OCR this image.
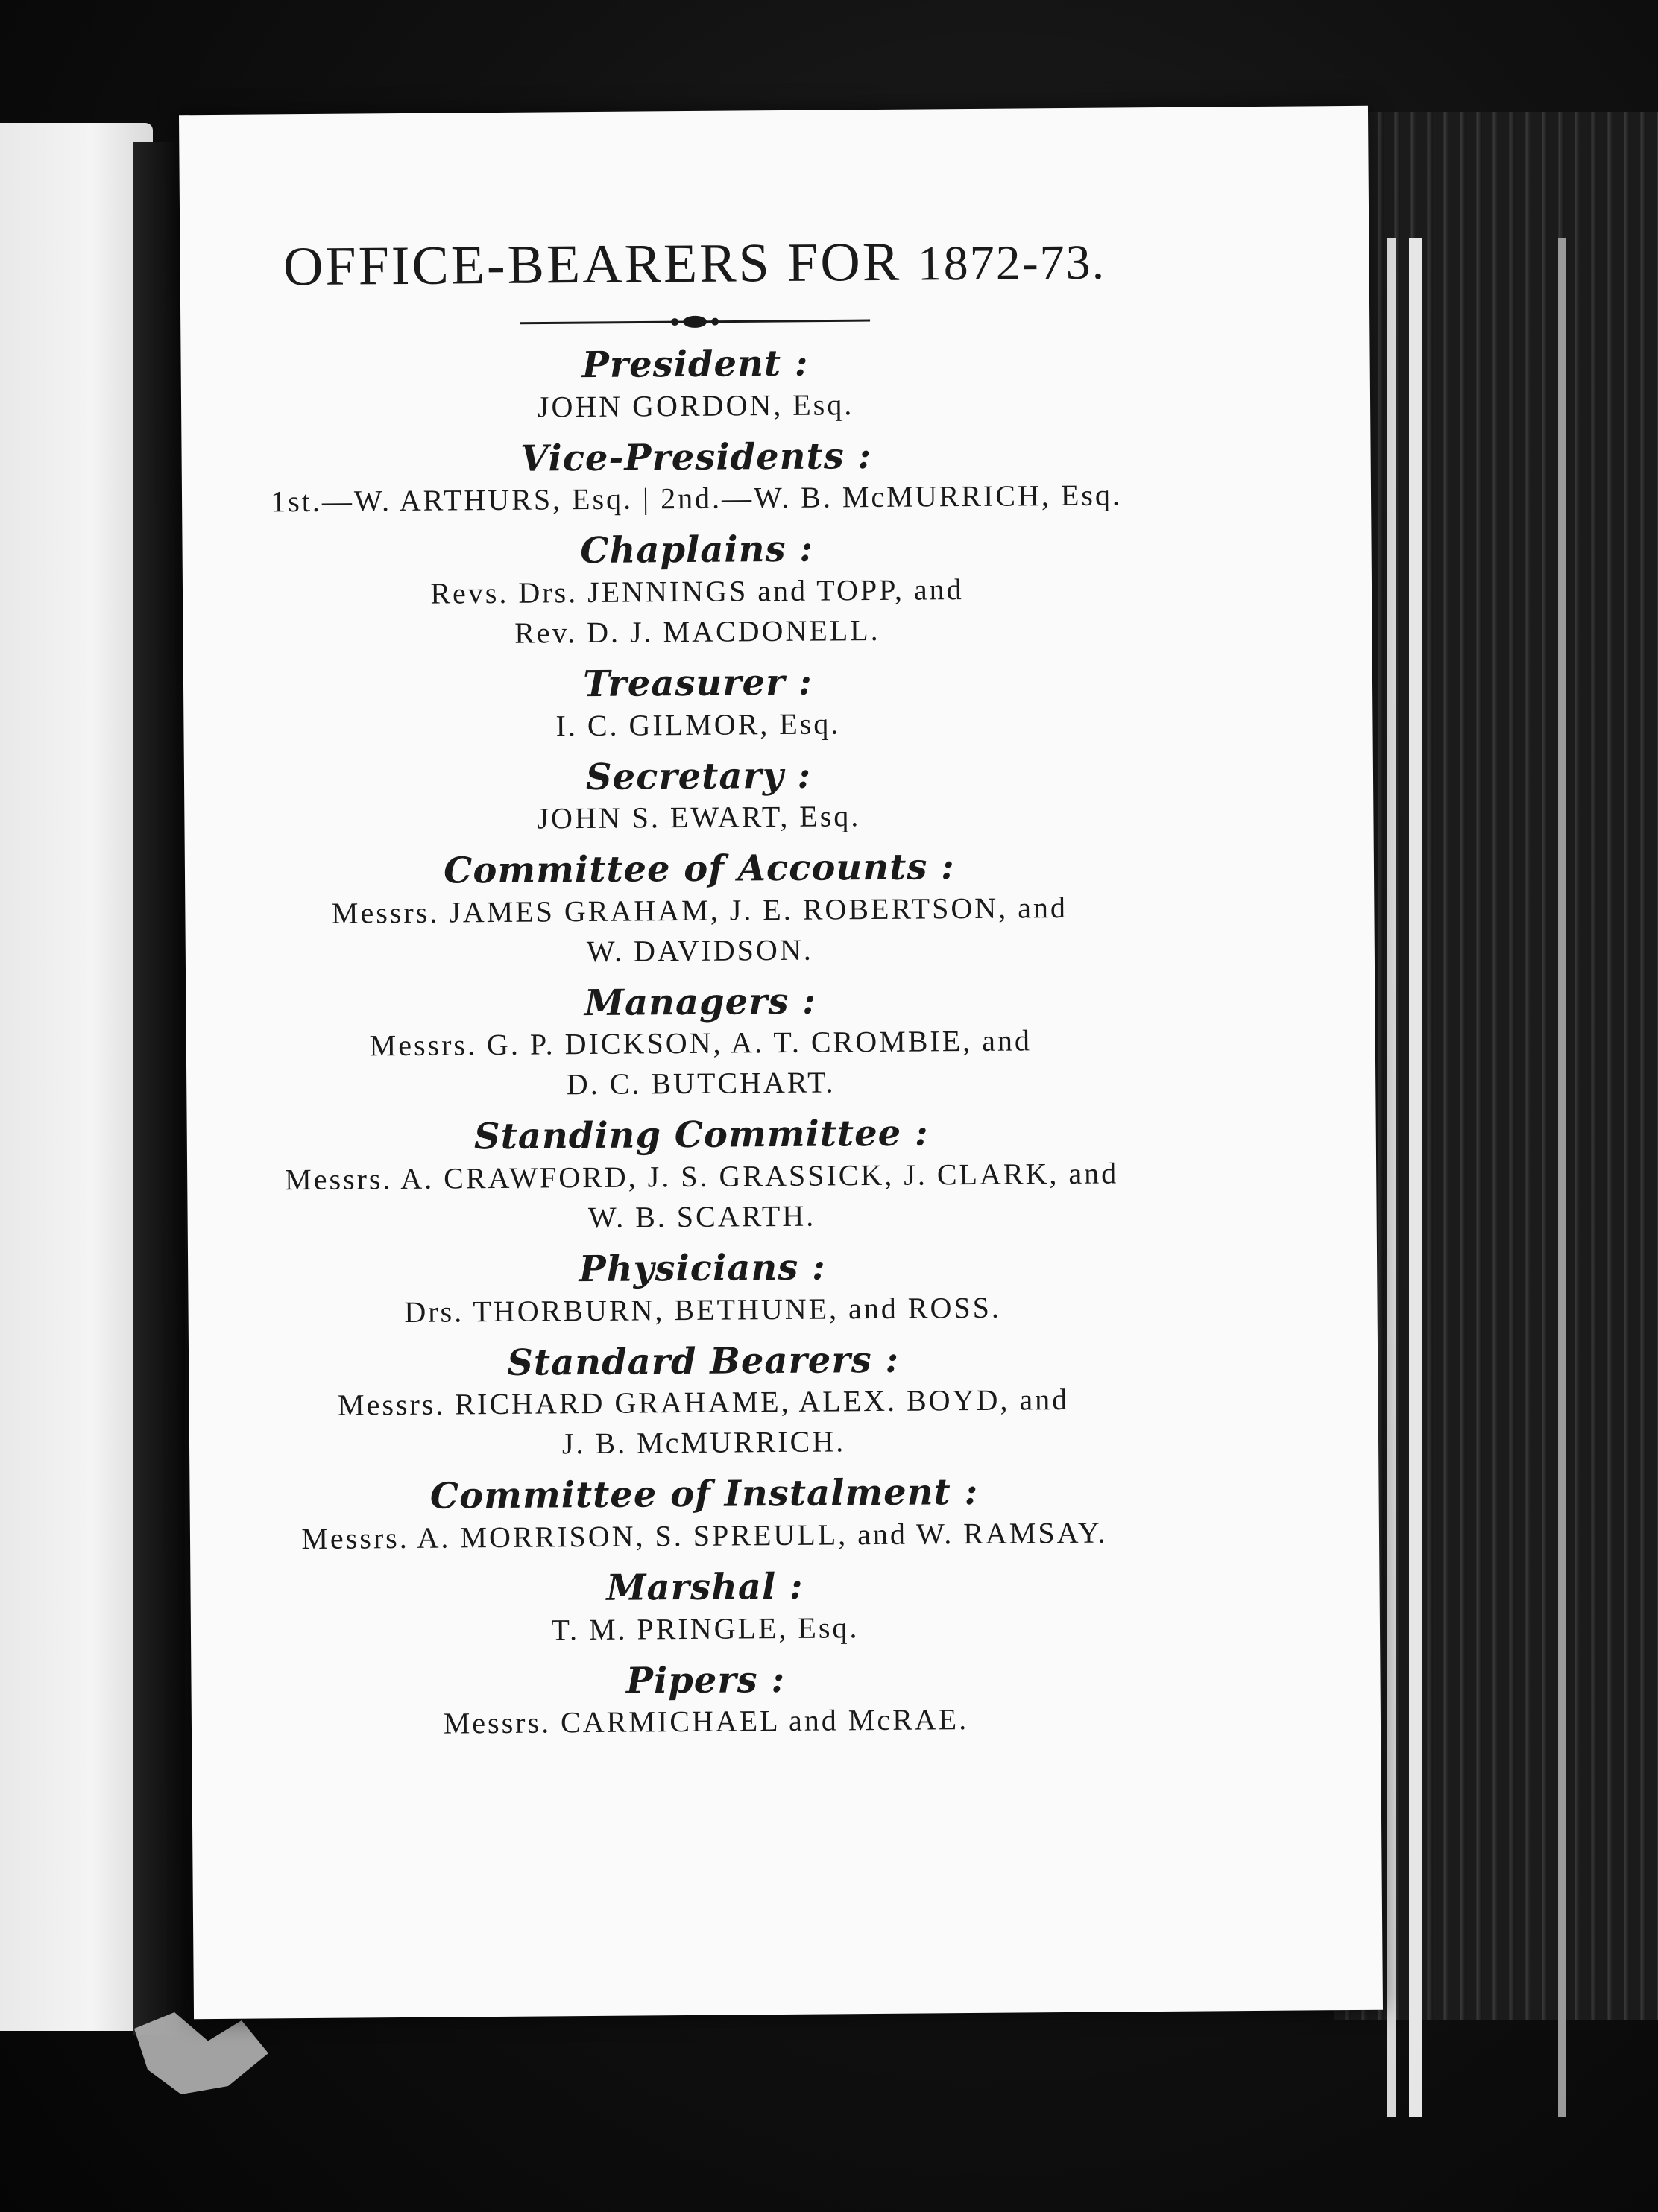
OFFICE-BEARERS FOR 1872-73.
President :
JOHN GORDON, Esq.
Vice-Presidents :
1st.—W. ARTHURS, Esq. | 2nd.—W. B. McMURRICH, Esq.
Chaplains :
Revs. Drs. JENNINGS and TOPP, and
Rev. D. J. MACDONELL.
Treasurer :
I. C. GILMOR, Esq.
Secretary :
JOHN S. EWART, Esq.
Committee of Accounts :
Messrs. JAMES GRAHAM, J. E. ROBERTSON, and
W. DAVIDSON.
Managers :
Messrs. G. P. DICKSON, A. T. CROMBIE, and
D. C. BUTCHART.
Standing Committee :
Messrs. A. CRAWFORD, J. S. GRASSICK, J. CLARK, and
W. B. SCARTH.
Physicians :
Drs. THORBURN, BETHUNE, and ROSS.
Standard Bearers :
Messrs. RICHARD GRAHAME, ALEX. BOYD, and
J. B. McMURRICH.
Committee of Instalment :
Messrs. A. MORRISON, S. SPREULL, and W. RAMSAY.
Marshal :
T. M. PRINGLE, Esq.
Pipers :
Messrs. CARMICHAEL and McRAE.
